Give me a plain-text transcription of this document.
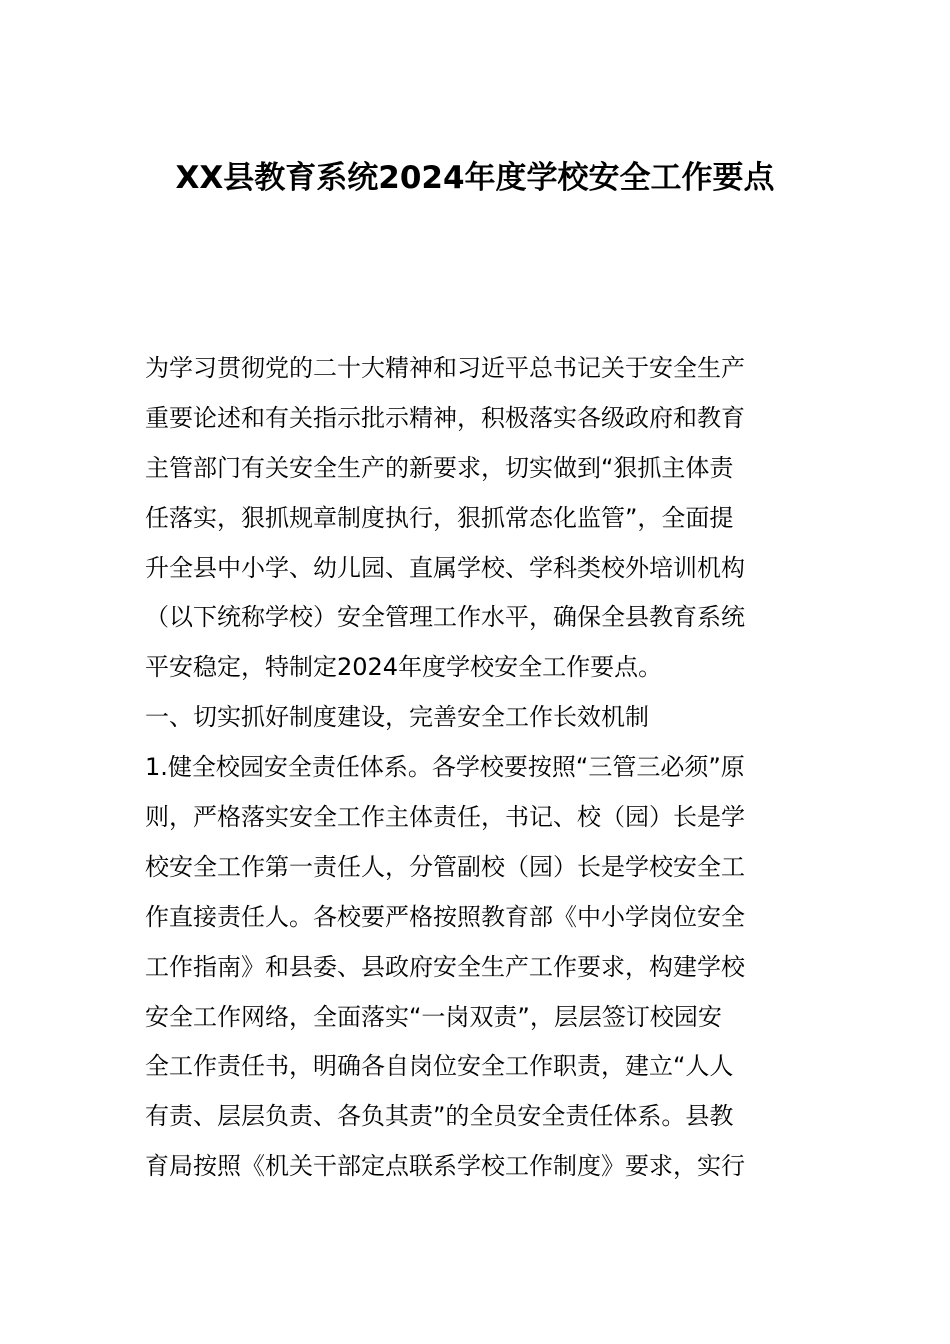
XX县教育系统2024年度学校安全工作要点
为学习贯彻党的二十大精神和习近平总书记关于安全生产
重要论述和有关指示批示精神，积极落实各级政府和教育
主管部门有关安全生产的新要求，切实做到“狠抓主体责
任落实，狠抓规章制度执行，狠抓常态化监管”，全面提
升全县中小学、幼儿园、直属学校、学科类校外培训机构
（以下统称学校）安全管理工作水平，确保全县教育系统
平安稳定，特制定2024年度学校安全工作要点。
一、切实抓好制度建设，完善安全工作长效机制
1.健全校园安全责任体系。各学校要按照“三管三必须”原
则，严格落实安全工作主体责任，书记、校（园）长是学
校安全工作第一责任人，分管副校（园）长是学校安全工
作直接责任人。各校要严格按照教育部《中小学岗位安全
工作指南》和县委、县政府安全生产工作要求，构建学校
安全工作网络，全面落实“一岗双责”，层层签订校园安
全工作责任书，明确各自岗位安全工作职责，建立“人人
有责、层层负责、各负其责”的全员安全责任体系。县教
育局按照《机关干部定点联系学校工作制度》要求，实行
